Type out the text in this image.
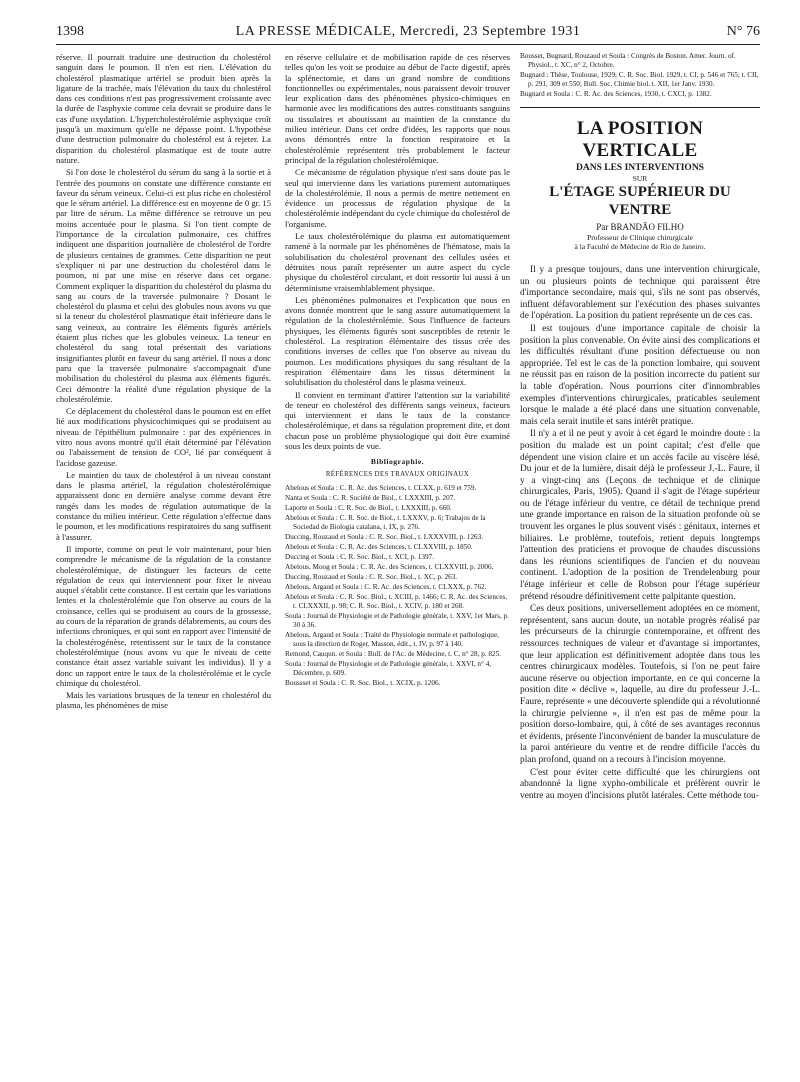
1398	LA PRESSE MÉDICALE, Mercredi, 23 Septembre 1931	N° 76

réserve. Il pourrait traduire une destruction du cholestérol sanguin dans le poumon. Il n'en est rien. L'élévation du cholestérol plasmatique artériel se produit bien après la ligature de la trachée, mais l'élévation du taux du cholestérol dans ces conditions n'est pas progressivement croissante avec la durée de l'asphyxie comme cela devrait se produire dans le cas d'une oxydation. L'hypercholestérolémie asphyxique croît jusqu'à un maximum qu'elle ne dépasse point. L'hypothèse d'une destruction pulmonaire du cholestérol est à rejeter. La disparition du cholestérol plasmatique est de toute autre nature.

Si l'on dose le cholestérol du sérum du sang à la sortie et à l'entrée des poumons on constate une différence constante en faveur du sérum veineux. Celui-ci est plus riche en cholestérol que le sérum artériel. La différence est en moyenne de 0 gr. 15 par litre de sérum. La même différence se retrouve un peu moins accentuée pour le plasma. Si l'on tient compte de l'importance de la circulation pulmonaire, ces chiffres indiquent une disparition journalière de cholestérol de l'ordre de plusieurs centaines de grammes. Cette disparition ne peut s'expliquer ni par une destruction du cholestérol dans le poumon, ni par une mise en réserve dans cet organe. Comment expliquer la disparition du cholestérol du plasma du sang au cours de la traversée pulmonaire ? Dosant le cholestérol du plasma et celui des globules nous avons vu que si la teneur du cholestérol plasmatique était inférieure dans le sang veineux, au contraire les éléments figurés artériels étaient plus riches que les globules veineux. La teneur en cholestérol du sang total présentait des variations insignifiantes plutôt en faveur du sang artériel. Il nous a donc paru que la traversée pulmonaire s'accompagnait d'une mobilisation du cholestérol du plasma aux éléments figurés. Ceci démontre la réalité d'une régulation physique de la cholestérolémie.

Ce déplacement du cholestérol dans le poumon est en effet lié aux modifications physicochimiques qui se produisent au niveau de l'épithélium pulmonaire : par des expériences in vitro nous avons montré qu'il était déterminé par l'élévation ou l'abaissement de tension de CO², lié par conséquent à l'acidose gazeuse.

Le maintien du taux de cholestérol à un niveau constant dans le plasma artériel, la régulation cholestérolémique apparaissent donc en dernière analyse comme devant être rangés dans les modes de régulation automatique de la constance du milieu intérieur. Cette régulation s'effectue dans le poumon, et les modifications respiratoires du sang suffisent à l'assurer.

Il importe, comme on peut le voir maintenant, pour bien comprendre le mécanisme de la régulation de la constance cholestérolémique, de distinguer les facteurs de cette régulation de ceux qui interviennent pour fixer le niveau auquel s'établit cette constance. Il est certain que les variations lentes et la cholestérolémie que l'on observe au cours de la croissance, celles qui se produisent au cours de la grossesse, au cours de la réparation de grands délabrements, au cours des infections chroniques, et qui sont en rapport avec l'intensité de la cholestérogénèse, retentissent sur le taux de la constance cholestérolémique (nous avons vu que le niveau de cette constance était assez variable suivant les individus). Il y a donc un rapport entre le taux de la cholestérolémie et le cycle chimique du cholestérol.

Mais les variations brusques de la teneur en cholestérol du plasma, les phénomènes de mise

en réserve cellulaire et de mobilisation rapide de ces réserves telles qu'on les voit se produire au début de l'acte digestif, après la splénectomie, et dans un grand nombre de conditions fonctionnelles ou expérimentales, nous paraissent devoir trouver leur explication dans des phénomènes physico-chimiques en harmonie avec les modifications des autres constituants sanguins ou tissulaires et aboutissant au maintien de la constance du milieu intérieur. Dans cet ordre d'idées, les rapports que nous avons démontrés entre la fonction respiratoire et la cholestérolémie représentent très probablement le facteur principal de la régulation cholestérolémique.

Ce mécanisme de régulation physique n'est sans doute pas le seul qui intervienne dans les variations purement automatiques de la cholestérolémie. Il nous a permis de mettre nettement en évidence un processus de régulation physique de la cholestérolémie indépendant du cycle chimique du cholestérol de l'organisme.

Le taux cholestérolémique du plasma est automatiquement ramené à la normale par les phénomènes de l'hématose, mais la solubilisation du cholestérol provenant des cellules usées et détruites nous paraît représenter un autre aspect du cycle physique du cholestérol circulant, et doit ressortir lui aussi à un déterminisme vraisemblablement physique.

Les phénomènes pulmonaires et l'explication que nous en avons donnée montrent que le sang assure automatiquement la régulation de la cholestérolémie. Sous l'influence de facteurs physiques, les éléments figurés sont susceptibles de retenir le cholestérol. La respiration élémentaire des tissus crée des conditions inverses de celles que l'on observe au niveau du poumon. Les modifications physiques du sang résultant de la respiration élémentaire dans les tissus déterminent la solubilisation du cholestérol dans le plasma veineux.

Il convient en terminant d'attirer l'attention sur la variabilité de teneur en cholestérol des différents sangs veineux, facteurs qui interviennent et dans le taux de la constance cholestérolémique, et dans sa régulation proprement dite, et dont chacun pose un problème physiologique qui doit être examiné sous les deux points de vue.

Bibliographie.
RÉFÉRENCES DES TRAVAUX ORIGINAUX
Abelous et Soula : C. R. Ac. des Sciences, t. CLXX, p. 619 et 759.
Nanta et Soula : C. R. Société de Biol., t. LXXXIII, p. 207.
Laporte et Soula : C. R. Soc. de Biol., t. LXXXIII, p. 660.
Abelous et Soula : C. R. Soc. de Biol., t. LXXXV, p. 6; Trabajos de la Sociedad de Biologia catalana, t. IX, p. 276.
Duccing, Rouzaud et Soula : C. R. Soc. Biol., t. LXXXVIII, p. 1263.
Abelous et Soula : C. R. Ac. des Sciences, t. CLXXVIII, p. 1850.
Duccing et Soula : C. R. Soc. Biol., t. XCI, p. 1397.
Abelous, Moog et Soula : C. R. Ac. des Sciences, t. CLXXVIII, p. 2006.
Duccing, Rouzaud et Soula : C. R. Soc. Biol., t. XC, p. 263.
Abelous, Argaud et Soula : C. R. Ac. des Sciences, t. CLXXX, p. 762.
Abelous et Soula : C. R. Soc. Biol., t. XCIII, p. 1466; C. R. Ac. des Sciences, t. CLXXXII, p. 98; C. R. Soc. Biol., t. XCIV, p. 180 et 268.
Soula : Journal de Physiologie et de Pathologie générale, t. XXV, 1er Mars, p. 30 à 36.
Abelous, Argaud et Soula : Traité de Physiologie normale et pathologique, sous la direction de Roger. Masson, édit., t. IV, p. 97 à 140.
Remond, Cauqun. et Soula : Bull. de l'Ac. de Médecine, t. C, n° 28, p. 825.
Soula : Journal de Physiologie et de Pathologie générale, t. XXVI, n° 4, Décembre, p. 609.
Boussset et Soula : C. R. Soc. Biol., t. XCIX, p. 1206.
Bousset, Bugnard, Rouzaud et Soula : Congrès de Boston. Amer. Journ. of. Physiol., t. XC, n° 2, Octobre.
Bugnard : Thèse, Toulouse, 1929; C. R. Soc. Biol. 1929, t. CI, p. 546 et 765; t. CII, p. 291, 309 et 550; Bull. Soc. Chimie biol. t. XII, 1er Janv. 1930.
Bugnard et Soula : C. R. Ac. des Sciences, 1930, t. CXCI, p. 1382.
LA POSITION VERTICALE
DANS LES INTERVENTIONS
SUR
L'ÉTAGE SUPÉRIEUR DU VENTRE
Par BRANDÃO FILHO
Professeur de Clinique chirurgicale
à la Faculté de Médecine de Rio de Janeiro.

Il y a presque toujours, dans une intervention chirurgicale, un ou plusieurs points de technique qui paraissent être d'importance secondaire, mais qui, s'ils ne sont pas observés, influent défavorablement sur l'exécution des phases suivantes de l'opération. La position du patient représente un de ces cas.

Il est toujours d'une importance capitale de choisir la position la plus convenable. On évite ainsi des complications et les difficultés résultant d'une position défectueuse ou non appropriée. Tel est le cas de la ponction lombaire, qui souvent ne réussit pas en raison de la position incorrecte du patient sur la table d'opération. Nous pourrions citer d'innombrables exemples d'interventions chirurgicales, praticables seulement lorsque le malade a été placé dans une situation convenable, mais cela serait inutile et sans intérêt pratique.

Il n'y a et il ne peut y avoir à cet égard le moindre doute : la position du malade est un point capital; c'est d'elle que dépendent une vision claire et un accès facile au viscère lésé. Du jour et de la lumière, disait déjà le professeur J.-L. Faure, il y a vingt-cinq ans (Leçons de technique et de clinique chirurgicales, Paris, 1905). Quand il s'agit de l'étage supérieur ou de l'étage inférieur du ventre, ce détail de technique prend une grande importance en raison de la situation profonde où se trouvent les organes le plus souvent visés : génitaux, internes et biliaires. Le problème, toutefois, retient depuis longtemps l'attention des praticiens et provoque de chaudes discussions dans les réunions scientifiques de l'ancien et du nouveau continent. L'adoption de la position de Trendelenburg pour l'étage inférieur et celle de Robson pour l'étage supérieur prétend résoudre définitivement cette palpitante question.

Ces deux positions, universellement adoptées en ce moment, représentent, sans aucun doute, un notable progrès réalisé par les précurseurs de la chirurgie contemporaine, et offrent des ressources techniques de valeur et d'avantage si importantes, que leur application est définitivement adoptée dans tous les centres chirurgicaux modèles. Toutefois, si l'on ne peut faire aucune réserve ou objection importante, en ce qui concerne la position dite « déclive », laquelle, au dire du professeur J.-L. Faure, représente « une découverte splendide qui a révolutionné la chirurgie pelvienne », il n'en est pas de même pour la position dorso-lombaire, qui, à côté de ses avantages reconnus et évidents, présente l'inconvénient de bander la musculature de la paroi antérieure du ventre et de rendre difficile l'accès du plan profond, quand on a recours à l'incision moyenne.

C'est pour éviter cette difficulté que les chirurgiens ont abandonné la ligne xypho-ombilicale et préfèrent ouvrir le ventre au moyen d'incisions plutôt latérales. Cette méthode tou-
